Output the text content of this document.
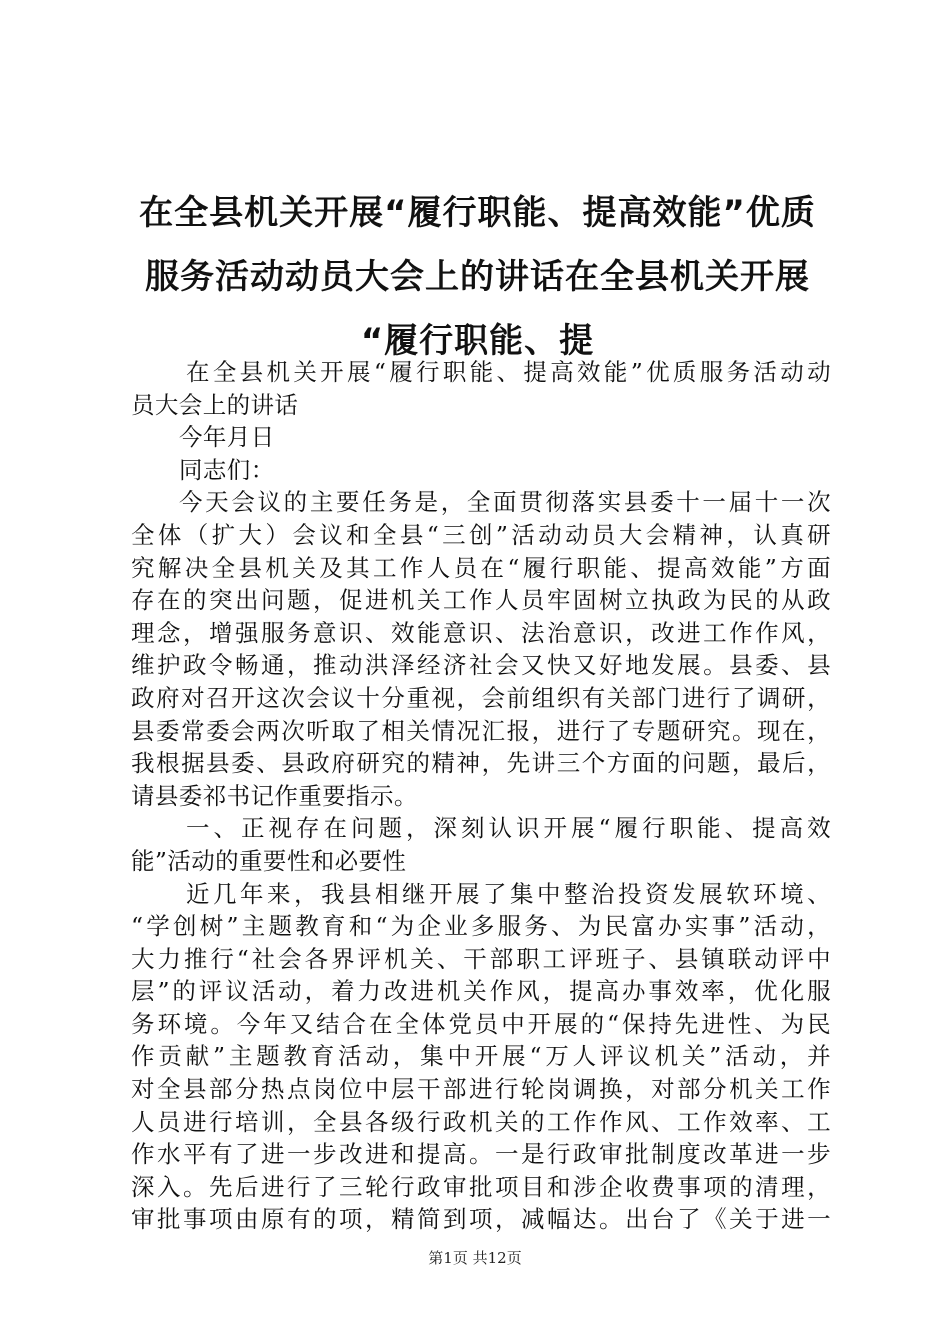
在全县机关开展“履行职能、提高效能”优质
服务活动动员大会上的讲话在全县机关开展
“履行职能、提
在全县机关开展“履行职能、提高效能”优质服务活动动
员大会上的讲话
今年月日
同志们：
今天会议的主要任务是，全面贯彻落实县委十一届十一次
全体（扩大）会议和全县“三创”活动动员大会精神，认真研
究解决全县机关及其工作人员在“履行职能、提高效能”方面
存在的突出问题，促进机关工作人员牢固树立执政为民的从政
理念，增强服务意识、效能意识、法治意识，改进工作作风，
维护政令畅通，推动洪泽经济社会又快又好地发展。县委、县
政府对召开这次会议十分重视，会前组织有关部门进行了调研，
县委常委会两次听取了相关情况汇报，进行了专题研究。现在，
我根据县委、县政府研究的精神，先讲三个方面的问题，最后，
请县委祁书记作重要指示。
一、正视存在问题，深刻认识开展“履行职能、提高效
能”活动的重要性和必要性
近几年来，我县相继开展了集中整治投资发展软环境、
“学创树”主题教育和“为企业多服务、为民富办实事”活动，
大力推行“社会各界评机关、干部职工评班子、县镇联动评中
层”的评议活动，着力改进机关作风，提高办事效率，优化服
务环境。今年又结合在全体党员中开展的“保持先进性、为民
作贡献”主题教育活动，集中开展“万人评议机关”活动，并
对全县部分热点岗位中层干部进行轮岗调换，对部分机关工作
人员进行培训，全县各级行政机关的工作作风、工作效率、工
作水平有了进一步改进和提高。一是行政审批制度改革进一步
深入。先后进行了三轮行政审批项目和涉企收费事项的清理，
审批事项由原有的项，精简到项，减幅达。出台了《关于进一
第1页 共12页
